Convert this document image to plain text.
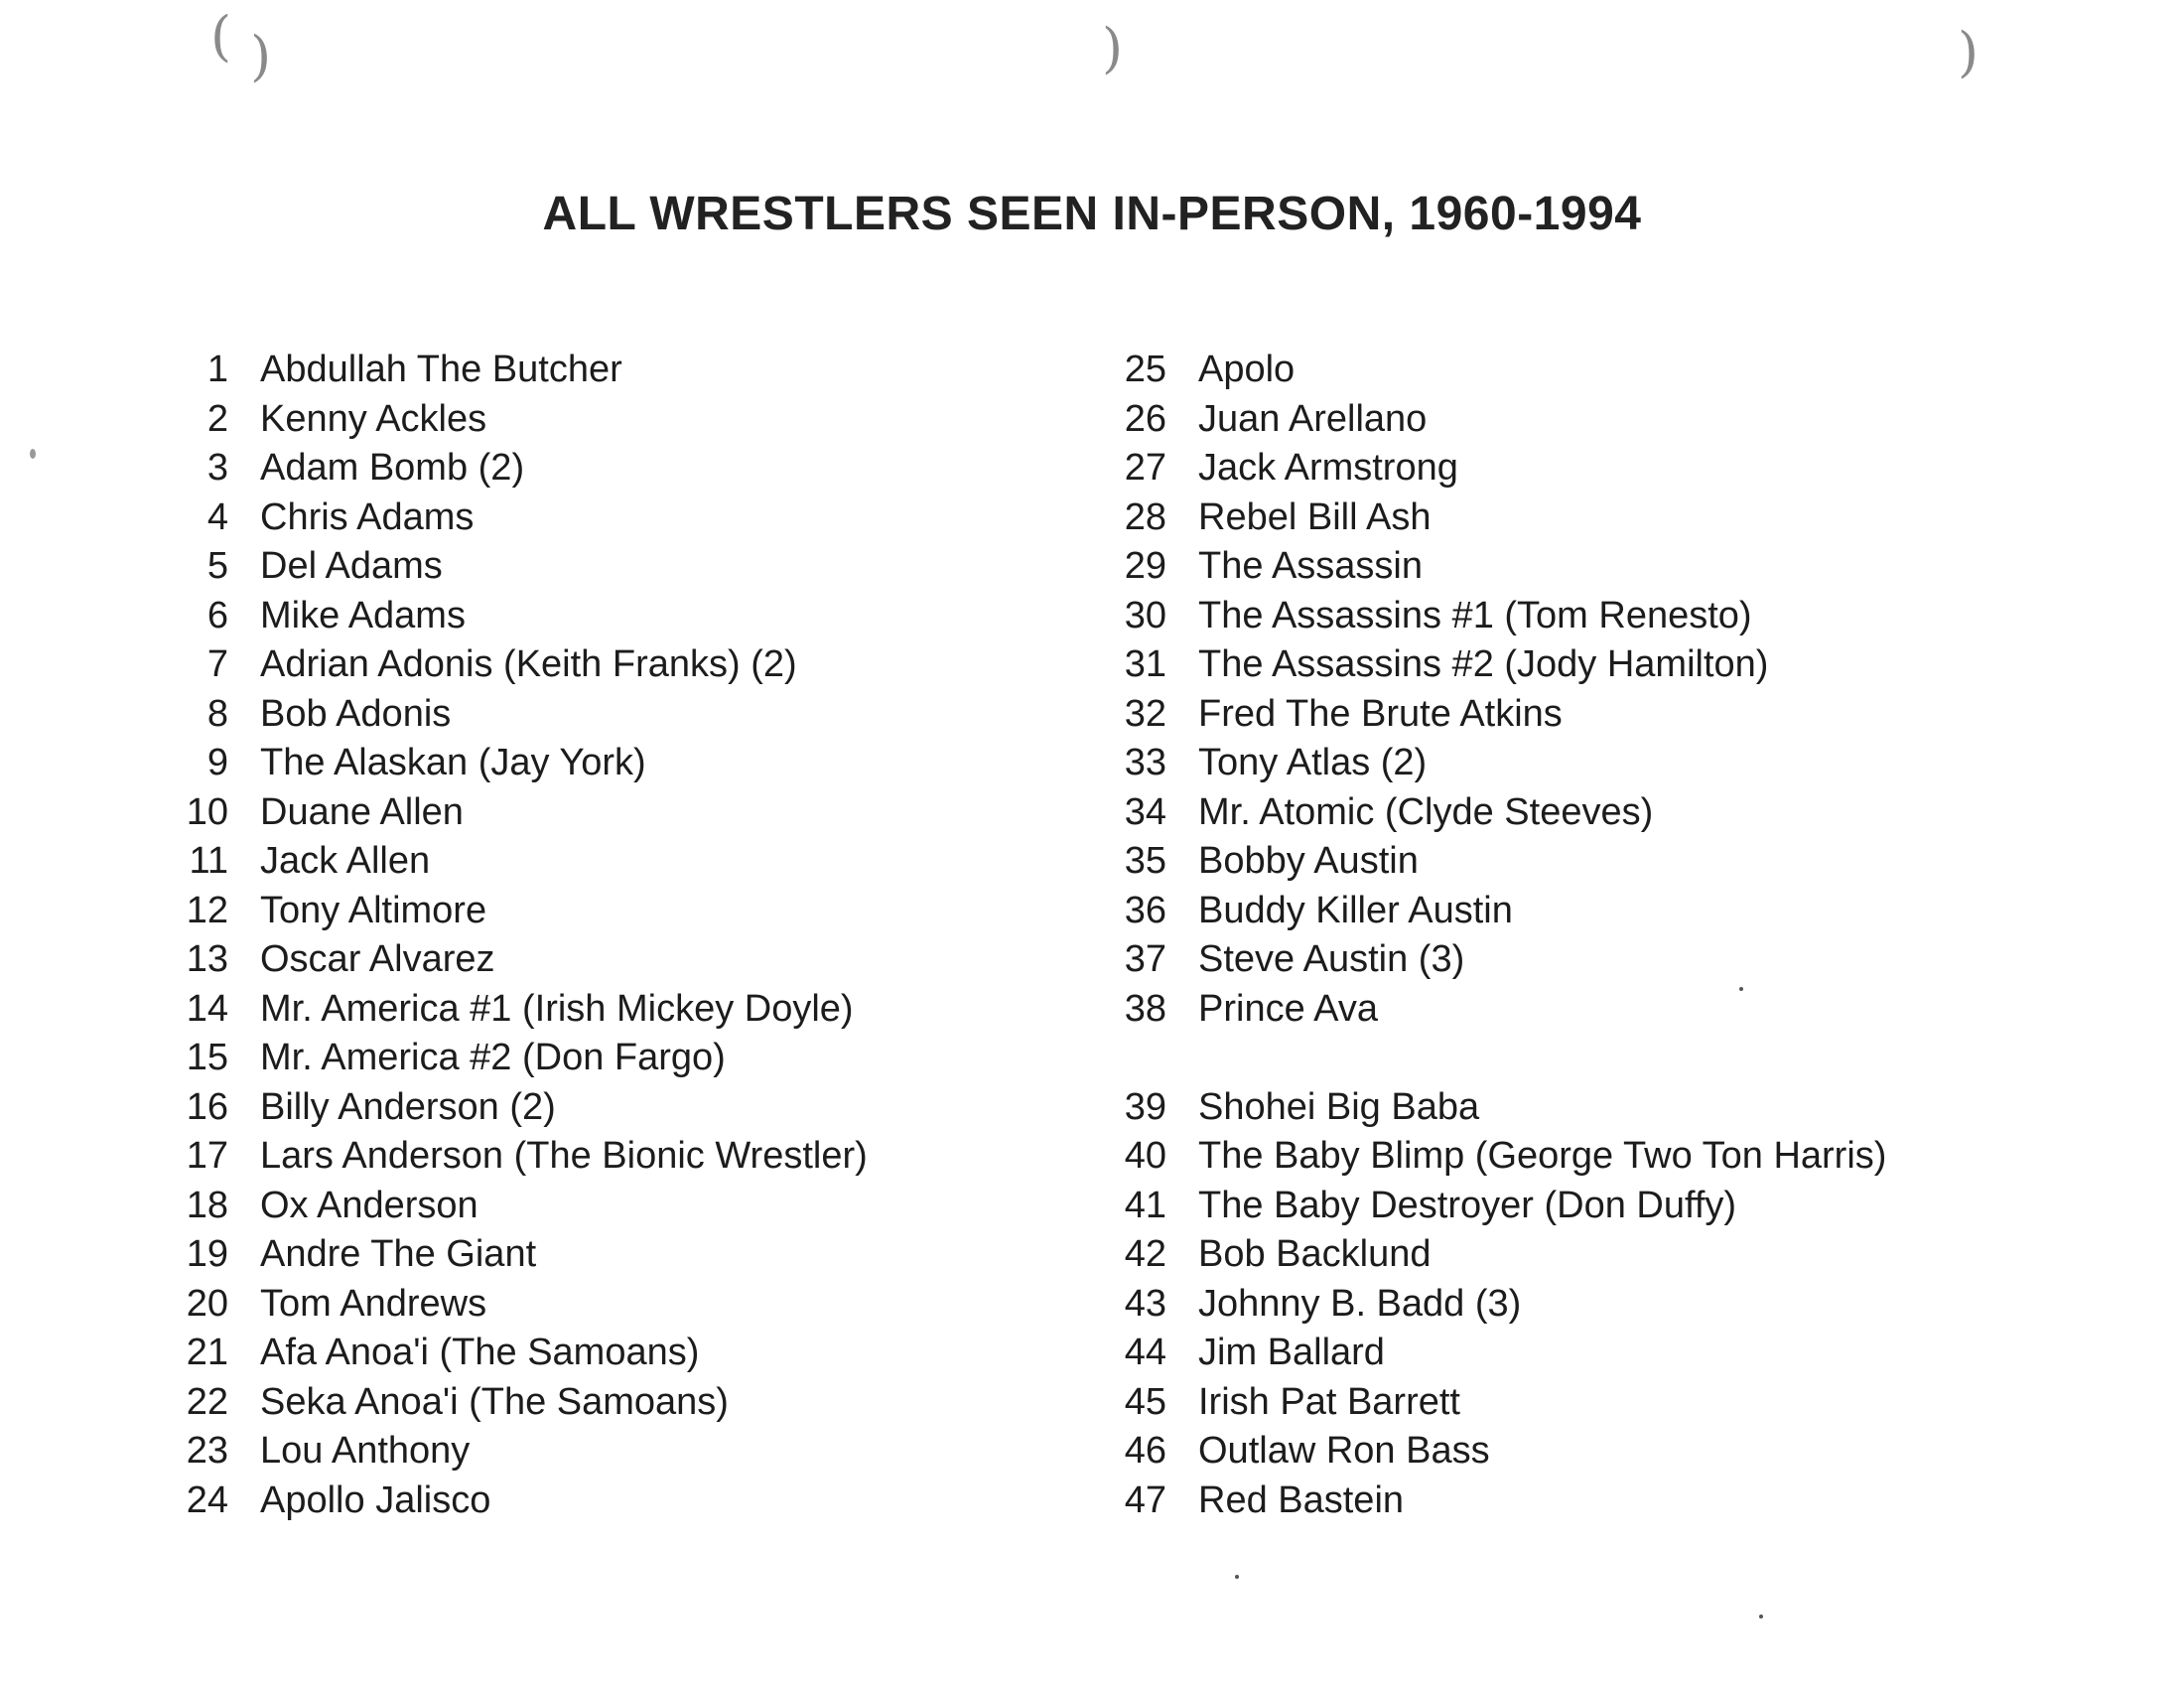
( (	)	)
ALL WRESTLERS SEEN IN-PERSON, 1960-1994
1 Abdullah The Butcher
2 Kenny Ackles
3 Adam Bomb (2)
4 Chris Adams
5 Del Adams
6 Mike Adams
7 Adrian Adonis (Keith Franks) (2)
8 Bob Adonis
9 The Alaskan (Jay York)
10 Duane Allen
11 Jack Allen
12 Tony Altimore
13 Oscar Alvarez
14 Mr. America #1 (Irish Mickey Doyle)
15 Mr. America #2 (Don Fargo)
16 Billy Anderson (2)
17 Lars Anderson (The Bionic Wrestler)
18 Ox Anderson
19 Andre The Giant
20 Tom Andrews
21 Afa Anoa'i (The Samoans)
22 Seka Anoa'i (The Samoans)
23 Lou Anthony
24 Apollo Jalisco
25 Apolo
26 Juan Arellano
27 Jack Armstrong
28 Rebel Bill Ash
29 The Assassin
30 The Assassins #1 (Tom Renesto)
31 The Assassins #2 (Jody Hamilton)
32 Fred The Brute Atkins
33 Tony Atlas (2)
34 Mr. Atomic (Clyde Steeves)
35 Bobby Austin
36 Buddy Killer Austin
37 Steve Austin (3)
38 Prince Ava
39 Shohei Big Baba
40 The Baby Blimp (George Two Ton Harris)
41 The Baby Destroyer (Don Duffy)
42 Bob Backlund
43 Johnny B. Badd (3)
44 Jim Ballard
45 Irish Pat Barrett
46 Outlaw Ron Bass
47 Red Bastein
